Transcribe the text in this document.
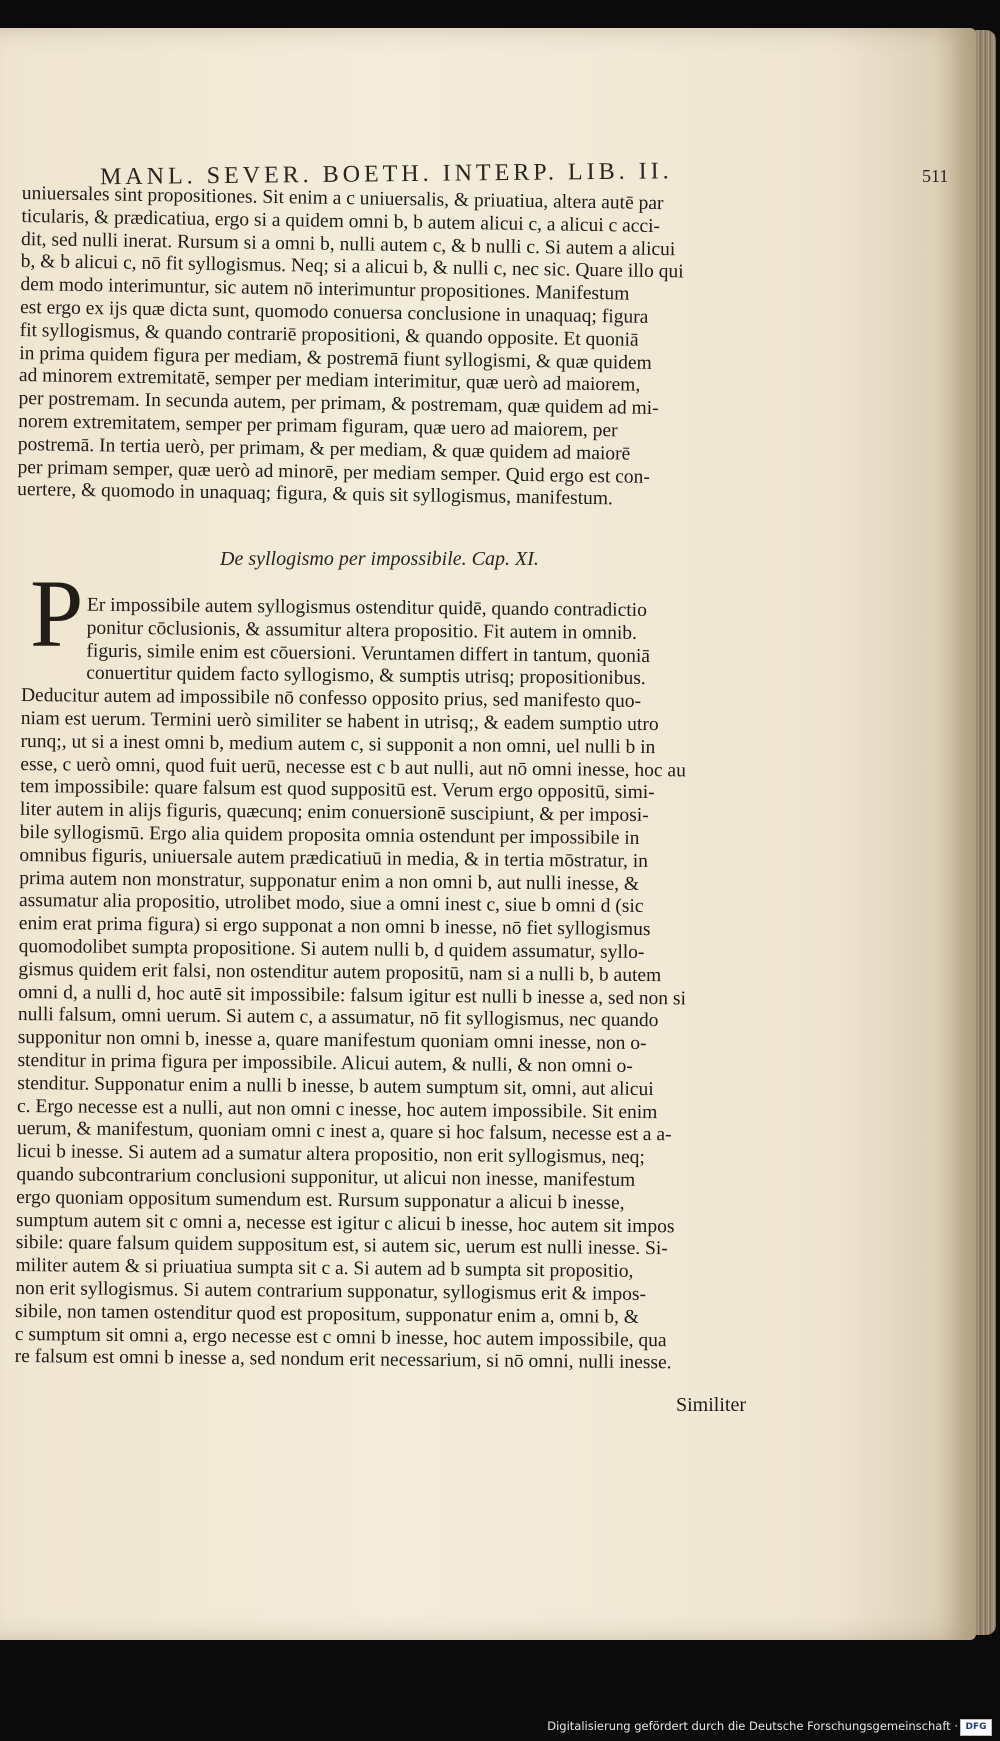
MANL. SEVER. BOETH. INTERP. LIB. II.	511
uniuersales sint propositiones. Sit enim a c uniuersalis, & priuatiua, altera autē par
ticularis, & prædicatiua, ergo si a quidem omni b, b autem alicui c, a alicui c acci-
dit, sed nulli inerat. Rursum si a omni b, nulli autem c, & b nulli c. Si autem a alicui
b, & b alicui c, nō fit syllogismus. Neq; si a alicui b, & nulli c, nec sic. Quare illo qui
dem modo interimuntur, sic autem nō interimuntur propositiones. Manifestum
est ergo ex ijs quæ dicta sunt, quomodo conuersa conclusione in unaquaq; figura
fit syllogismus, & quando contrariē propositioni, & quando opposite. Et quoniā
in prima quidem figura per mediam, & postremā fiunt syllogismi, & quæ quidem
ad minorem extremitatē, semper per mediam interimitur, quæ uerò ad maiorem,
per postremam. In secunda autem, per primam, & postremam, quæ quidem ad mi-
norem extremitatem, semper per primam figuram, quæ uero ad maiorem, per
postremā. In tertia uerò, per primam, & per mediam, & quæ quidem ad maiorē
per primam semper, quæ uerò ad minorē, per mediam semper. Quid ergo est con-
uertere, & quomodo in unaquaq; figura, & quis sit syllogismus, manifestum.
De syllogismo per impossibile. Cap. XI.
P Er impossibile autem syllogismus ostenditur quidē, quando contradictio
ponitur cōclusionis, & assumitur altera propositio. Fit autem in omnib.
figuris, simile enim est cōuersioni. Veruntamen differt in tantum, quoniā
conuertitur quidem facto syllogismo, & sumptis utrisq; propositionibus.
Deducitur autem ad impossibile nō confesso opposito prius, sed manifesto quo-
niam est uerum. Termini uerò similiter se habent in utrisq;, & eadem sumptio utro
runq;, ut si a inest omni b, medium autem c, si supponit a non omni, uel nulli b in
esse, c uerò omni, quod fuit uerū, necesse est c b aut nulli, aut nō omni inesse, hoc au
tem impossibile: quare falsum est quod suppositū est. Verum ergo oppositū, simi-
liter autem in alijs figuris, quæcunq; enim conuersionē suscipiunt, & per imposi-
bile syllogismū. Ergo alia quidem proposita omnia ostendunt per impossibile in
omnibus figuris, uniuersale autem prædicatiuū in media, & in tertia mōstratur, in
prima autem non monstratur, supponatur enim a non omni b, aut nulli inesse, &
assumatur alia propositio, utrolibet modo, siue a omni inest c, siue b omni d (sic
enim erat prima figura) si ergo supponat a non omni b inesse, nō fiet syllogismus
quomodolibet sumpta propositione. Si autem nulli b, d quidem assumatur, syllo-
gismus quidem erit falsi, non ostenditur autem propositū, nam si a nulli b, b autem
omni d, a nulli d, hoc autē sit impossibile: falsum igitur est nulli b inesse a, sed non si
nulli falsum, omni uerum. Si autem c, a assumatur, nō fit syllogismus, nec quando
supponitur non omni b, inesse a, quare manifestum quoniam omni inesse, non o-
stenditur in prima figura per impossibile. Alicui autem, & nulli, & non omni o-
stenditur. Supponatur enim a nulli b inesse, b autem sumptum sit, omni, aut alicui
c. Ergo necesse est a nulli, aut non omni c inesse, hoc autem impossibile. Sit enim
uerum, & manifestum, quoniam omni c inest a, quare si hoc falsum, necesse est a a-
licui b inesse. Si autem ad a sumatur altera propositio, non erit syllogismus, neq;
quando subcontrarium conclusioni supponitur, ut alicui non inesse, manifestum
ergo quoniam oppositum sumendum est. Rursum supponatur a alicui b inesse,
sumptum autem sit c omni a, necesse est igitur c alicui b inesse, hoc autem sit impos
sibile: quare falsum quidem suppositum est, si autem sic, uerum est nulli inesse. Si-
militer autem & si priuatiua sumpta sit c a. Si autem ad b sumpta sit propositio,
non erit syllogismus. Si autem contrarium supponatur, syllogismus erit & impos-
sibile, non tamen ostenditur quod est propositum, supponatur enim a, omni b, &
c sumptum sit omni a, ergo necesse est c omni b inesse, hoc autem impossibile, qua
re falsum est omni b inesse a, sed nondum erit necessarium, si nō omni, nulli inesse.
Similiter
Digitalisierung gefördert durch die Deutsche Forschungsgemeinschaft · DFG
